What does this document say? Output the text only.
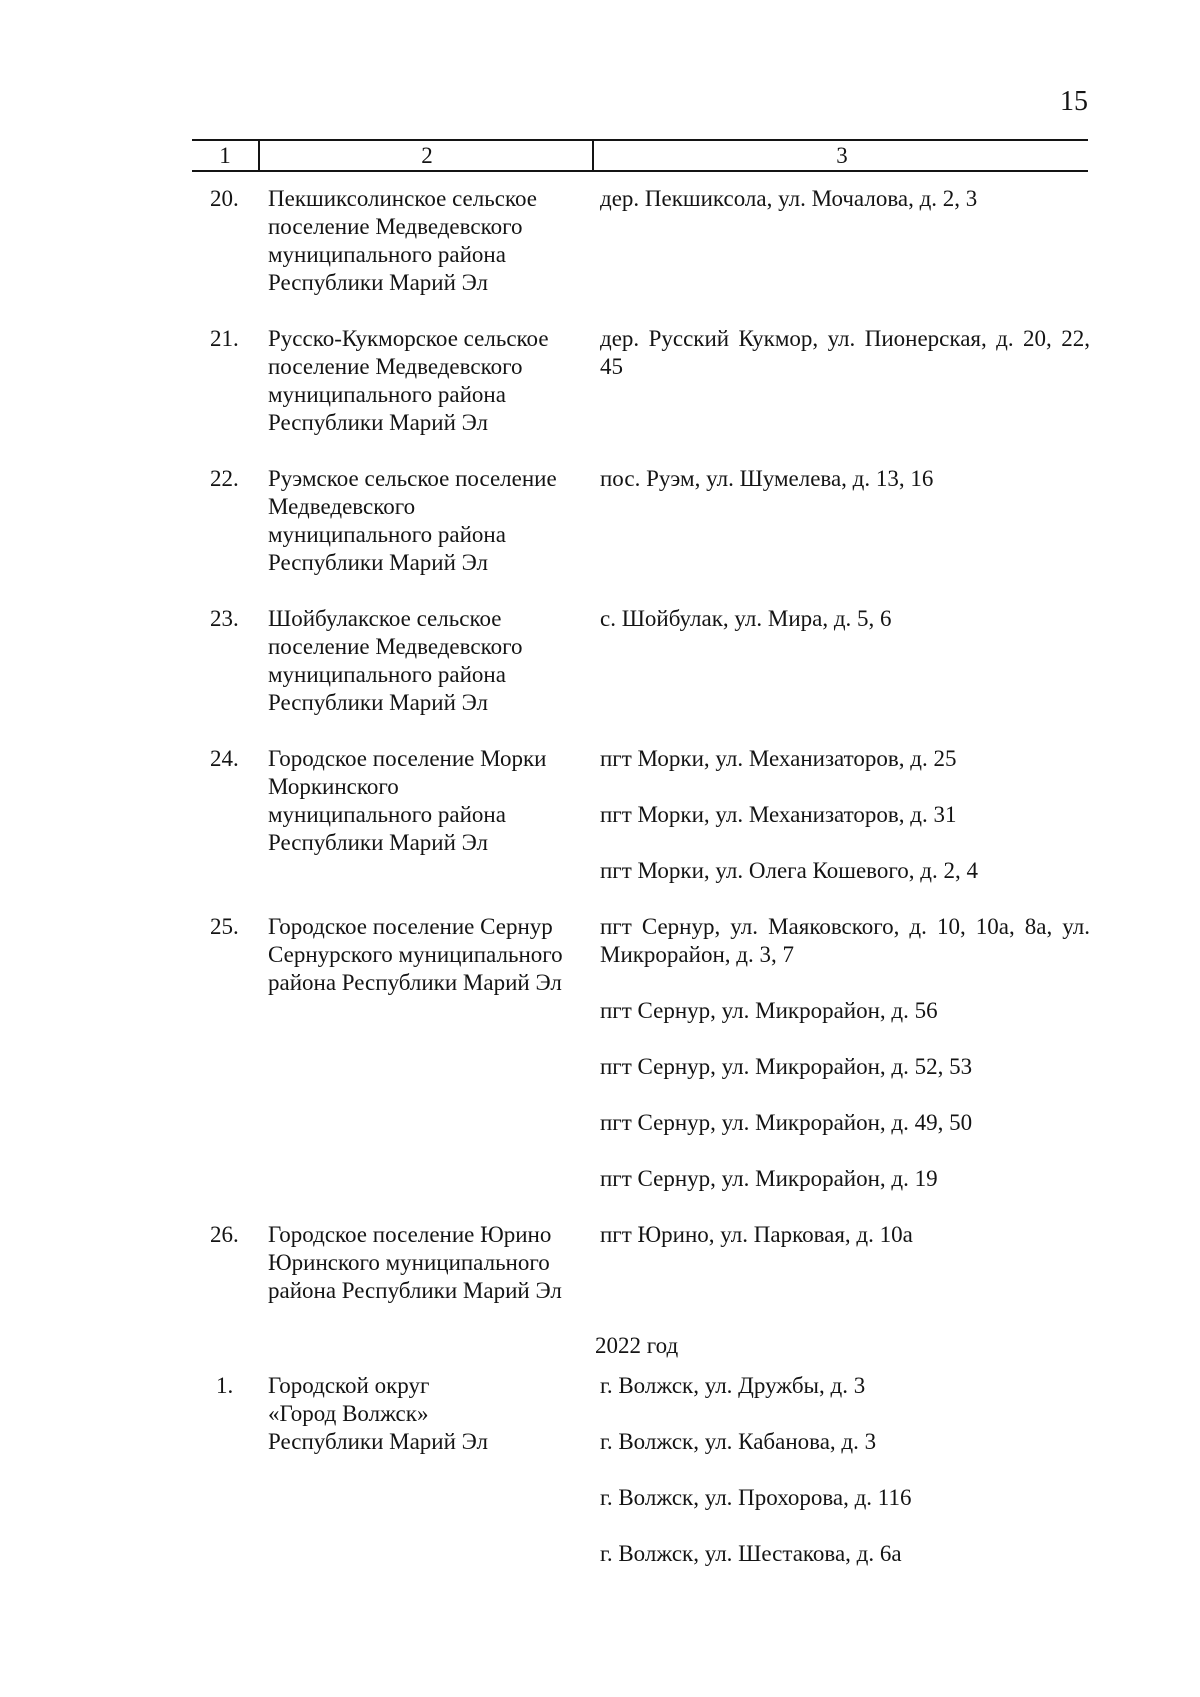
15
1	2	3
20. Пекшиксолинское сельское
поселение Медведевского
муниципального района
Республики Марий Эл
дер. Пекшиксола, ул. Мочалова, д. 2, 3
21. Русско-Кукморское сельское
поселение Медведевского
муниципального района
Республики Марий Эл
дер. Русский Кукмор, ул. Пионерская, д. 20, 22, 45
22. Руэмское сельское поселение
Медведевского
муниципального района
Республики Марий Эл
пос. Руэм, ул. Шумелева, д. 13, 16
23. Шойбулакское сельское
поселение Медведевского
муниципального района
Республики Марий Эл
с. Шойбулак, ул. Мира, д. 5, 6
24. Городское поселение Морки
Моркинского
муниципального района
Республики Марий Эл
пгт Морки, ул. Механизаторов, д. 25
пгт Морки, ул. Механизаторов, д. 31
пгт Морки, ул. Олега Кошевого, д. 2, 4
25. Городское поселение Сернур
Сернурского муниципального
района Республики Марий Эл
пгт Сернур, ул. Маяковского, д. 10, 10а, 8а, ул. Микрорайон, д. 3, 7
пгт Сернур, ул. Микрорайон, д. 56
пгт Сернур, ул. Микрорайон, д. 52, 53
пгт Сернур, ул. Микрорайон, д. 49, 50
пгт Сернур, ул. Микрорайон, д. 19
26. Городское поселение Юрино
Юринского муниципального
района Республики Марий Эл
пгт Юрино, ул. Парковая, д. 10а
2022 год
1. Городской округ
«Город Волжск»
Республики Марий Эл
г. Волжск, ул. Дружбы, д. 3
г. Волжск, ул. Кабанова, д. 3
г. Волжск, ул. Прохорова, д. 116
г. Волжск, ул. Шестакова, д. 6а
